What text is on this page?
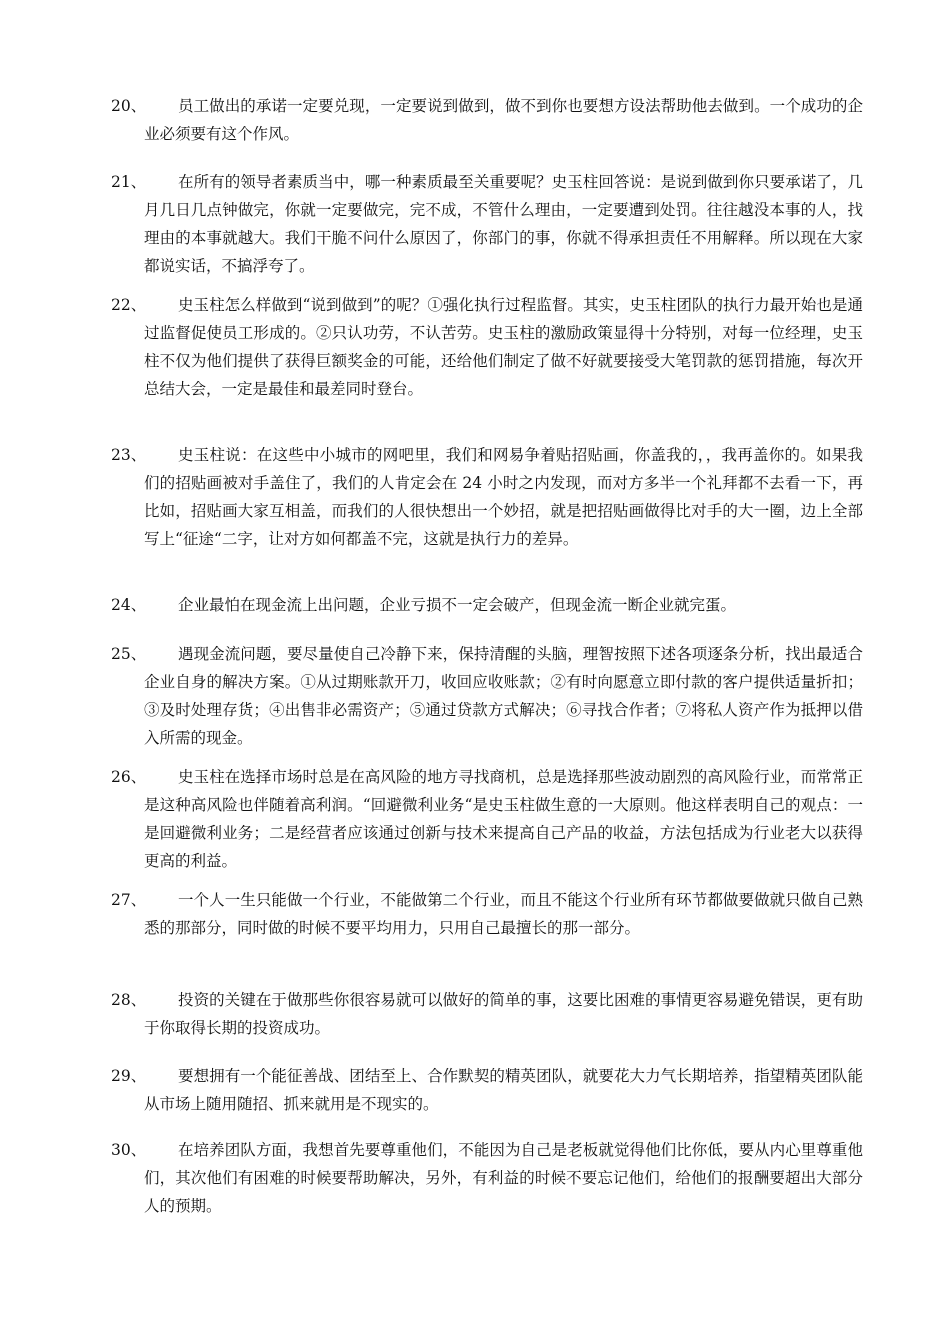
20、	员工做出的承诺一定要兑现，一定要说到做到，做不到你也要想方设法帮助他去做到。一个成功的企业必须要有这个作风。
21、	在所有的领导者素质当中，哪一种素质最至关重要呢？史玉柱回答说：是说到做到你只要承诺了，几月几日几点钟做完，你就一定要做完，完不成，不管什么理由，一定要遭到处罚。往往越没本事的人，找理由的本事就越大。我们干脆不问什么原因了，你部门的事，你就不得承担责任不用解释。所以现在大家都说实话，不搞浮夸了。
22、	史玉柱怎么样做到“说到做到”的呢？①强化执行过程监督。其实，史玉柱团队的执行力最开始也是通过监督促使员工形成的。②只认功劳，不认苦劳。史玉柱的激励政策显得十分特别，对每一位经理，史玉柱不仅为他们提供了获得巨额奖金的可能，还给他们制定了做不好就要接受大笔罚款的惩罚措施，每次开总结大会，一定是最佳和最差同时登台。
23、	史玉柱说：在这些中小城市的网吧里，我们和网易争着贴招贴画，你盖我的，，我再盖你的。如果我们的招贴画被对手盖住了，我们的人肯定会在 24 小时之内发现，而对方多半一个礼拜都不去看一下，再比如，招贴画大家互相盖，而我们的人很快想出一个妙招，就是把招贴画做得比对手的大一圈，边上全部写上“征途“二字，让对方如何都盖不完，这就是执行力的差异。
24、	企业最怕在现金流上出问题，企业亏损不一定会破产，但现金流一断企业就完蛋。
25、	遇现金流问题，要尽量使自己冷静下来，保持清醒的头脑，理智按照下述各项逐条分析，找出最适合企业自身的解决方案。①从过期账款开刀，收回应收账款；②有时向愿意立即付款的客户提供适量折扣；③及时处理存货；④出售非必需资产；⑤通过贷款方式解决；⑥寻找合作者；⑦将私人资产作为抵押以借入所需的现金。
26、	史玉柱在选择市场时总是在高风险的地方寻找商机，总是选择那些波动剧烈的高风险行业，而常常正是这种高风险也伴随着高利润。“回避微利业务“是史玉柱做生意的一大原则。他这样表明自己的观点：一是回避微利业务；二是经营者应该通过创新与技术来提高自己产品的收益，方法包括成为行业老大以获得更高的利益。
27、	一个人一生只能做一个行业，不能做第二个行业，而且不能这个行业所有环节都做要做就只做自己熟悉的那部分，同时做的时候不要平均用力，只用自己最擅长的那一部分。
28、	投资的关键在于做那些你很容易就可以做好的简单的事，这要比困难的事情更容易避免错误，更有助于你取得长期的投资成功。
29、	要想拥有一个能征善战、团结至上、合作默契的精英团队，就要花大力气长期培养，指望精英团队能从市场上随用随招、抓来就用是不现实的。
30、	在培养团队方面，我想首先要尊重他们，不能因为自己是老板就觉得他们比你低，要从内心里尊重他们，其次他们有困难的时候要帮助解决，另外，有利益的时候不要忘记他们，给他们的报酬要超出大部分人的预期。
